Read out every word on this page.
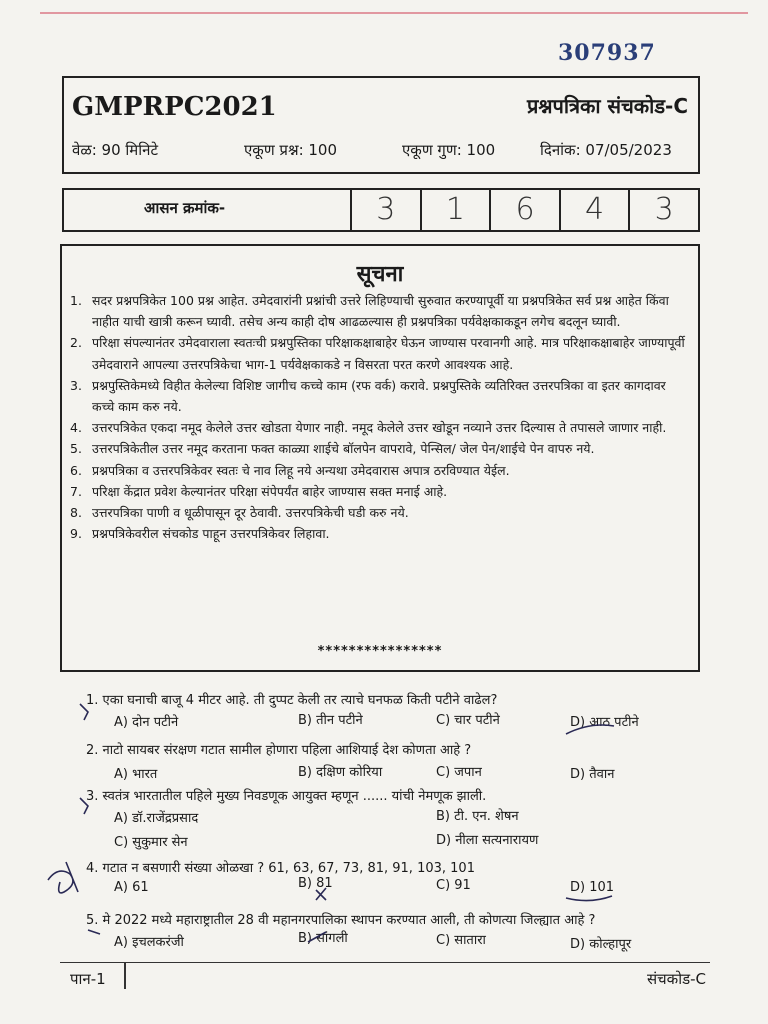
307937
GMPRPC2021	प्रश्नपत्रिका संचकोड-C
वेळ: 90 मिनिटे	एकूण प्रश्न: 100	एकूण गुण: 100	दिनांक: 07/05/2023
आसन क्रमांक-	3	1	6	4	3
सूचना
1. सदर प्रश्नपत्रिकेत 100 प्रश्न आहेत. उमेदवारांनी प्रश्नांची उत्तरे लिहिण्याची सुरुवात करण्यापूर्वी या प्रश्नपत्रिकेत सर्व प्रश्न आहेत किंवा नाहीत याची खात्री करून घ्यावी. तसेच अन्य काही दोष आढळल्यास ही प्रश्नपत्रिका पर्यवेक्षकाकडून लगेच बदलून घ्यावी.
2. परिक्षा संपल्यानंतर उमेदवाराला स्वतःची प्रश्नपुस्तिका परिक्षाकक्षाबाहेर घेऊन जाण्यास परवानगी आहे. मात्र परिक्षाकक्षाबाहेर जाण्यापूर्वी उमेदवाराने आपल्या उत्तरपत्रिकेचा भाग-1 पर्यवेक्षकाकडे न विसरता परत करणे आवश्यक आहे.
3. प्रश्नपुस्तिकेमध्ये विहीत केलेल्या विशिष्ट जागीच कच्चे काम (रफ वर्क) करावे. प्रश्नपुस्तिके व्यतिरिक्त उत्तरपत्रिका वा इतर कागदावर कच्चे काम करु नये.
4. उत्तरपत्रिकेत एकदा नमूद केलेले उत्तर खोडता येणार नाही. नमूद केलेले उत्तर खोडून नव्याने उत्तर दिल्यास ते तपासले जाणार नाही.
5. उत्तरपत्रिकेतील उत्तर नमूद करताना फक्त काळ्या शाईचे बॉलपेन वापरावे, पेन्सिल/ जेल पेन/शाईचे पेन वापरु नये.
6. प्रश्नपत्रिका व उत्तरपत्रिकेवर स्वतः चे नाव लिहू नये अन्यथा उमेदवारास अपात्र ठरविण्यात येईल.
7. परिक्षा केंद्रात प्रवेश केल्यानंतर परिक्षा संपेपर्यंत बाहेर जाण्यास सक्त मनाई आहे.
8. उत्तरपत्रिका पाणी व धूळीपासून दूर ठेवावी. उत्तरपत्रिकेची घडी करु नये.
9. प्रश्नपत्रिकेवरील संचकोड पाहून उत्तरपत्रिकेवर लिहावा.
****************
1. एका घनाची बाजू 4 मीटर आहे. ती दुप्पट केली तर त्याचे घनफळ किती पटीने वाढेल?
A) दोन पटीने	B) तीन पटीने	C) चार पटीने	D) आठ पटीने
2. नाटो सायबर संरक्षण गटात सामील होणारा पहिला आशियाई देश कोणता आहे ?
A) भारत	B) दक्षिण कोरिया	C) जपान	D) तैवान
3. स्वतंत्र भारतातील पहिले मुख्य निवडणूक आयुक्त म्हणून ...... यांची नेमणूक झाली.
A) डॉ.राजेंद्रप्रसाद	B) टी. एन. शेषन
C) सुकुमार सेन	D) नीला सत्यनारायण
4. गटात न बसणारी संख्या ओळखा ? 61, 63, 67, 73, 81, 91, 103, 101
A) 61	B) 81	C) 91	D) 101
5. मे 2022 मध्ये महाराष्ट्रातील 28 वी महानगरपालिका स्थापन करण्यात आली, ती कोणत्या जिल्ह्यात आहे ?
A) इचलकरंजी	B) सांगली	C) सातारा	D) कोल्हापूर
पान-1	संचकोड-C
